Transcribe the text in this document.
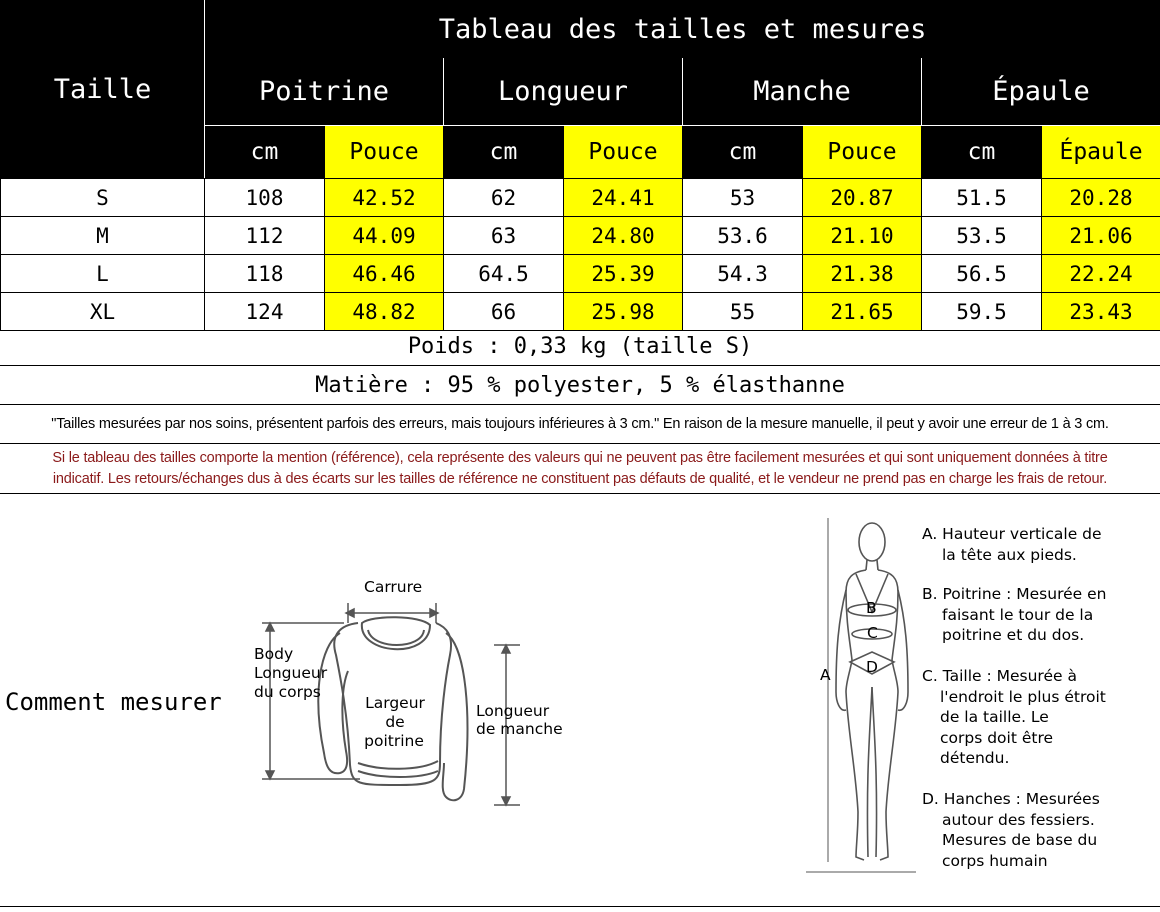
Taille	Tableau des tailles et mesures							
	Poitrine		Longueur		Manche		Épaule	
	cm	Pouce	cm	Pouce	cm	Pouce	cm	Épaule
S	108	42.52	62	24.41	53	20.87	51.5	20.28
M	112	44.09	63	24.80	53.6	21.10	53.5	21.06
L	118	46.46	64.5	25.39	54.3	21.38	56.5	22.24
XL	124	48.82	66	25.98	55	21.65	59.5	23.43
Poids : 0,33 kg (taille S)
Matière : 95 % polyester, 5 % élasthanne
"Tailles mesurées par nos soins, présentent parfois des erreurs, mais toujours inférieures à 3 cm." En raison de la mesure manuelle, il peut y avoir une erreur de 1 à 3 cm.
Si le tableau des tailles comporte la mention (référence), cela représente des valeurs qui ne peuvent pas être facilement mesurées et qui sont uniquement données à titre
indicatif. Les retours/échanges dus à des écarts sur les tailles de référence ne constituent pas défauts de qualité, et le vendeur ne prend pas en charge les frais de retour.
Comment mesurer
Carrure
Body
Longueur
du corps
Largeur
de
poitrine
Longueur
de manche
B
C
D
A
A. Hauteur verticale de
la tête aux pieds.
B. Poitrine : Mesurée en
faisant le tour de la
poitrine et du dos.
C. Taille : Mesurée à
l'endroit le plus étroit
de la taille. Le
corps doit être
détendu.
D. Hanches : Mesurées
autour des fessiers.
Mesures de base du
corps humain
